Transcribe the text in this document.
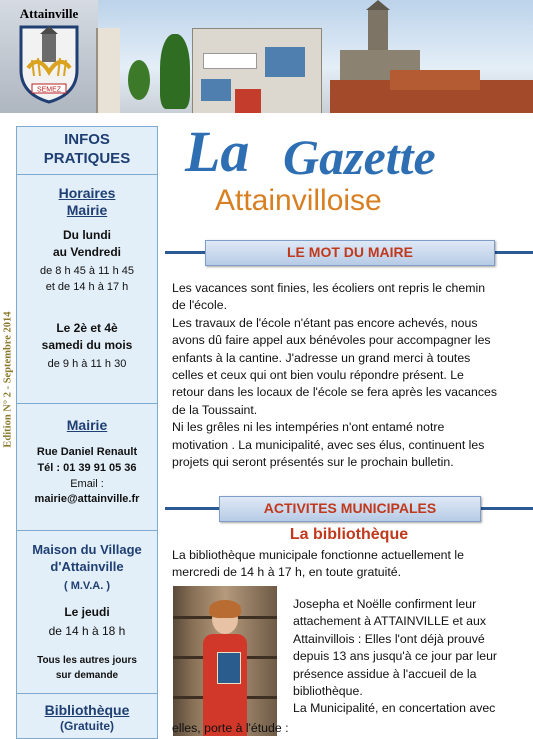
Attainville
SEMEZ
Edition N° 2 - Septembre 2014
INFOS
PRATIQUES
Horaires
Mairie
Du lundi
au Vendredi
de 8 h 45 à 11 h 45
et de 14 h à 17 h
Le 2è et 4è
samedi du mois
de 9 h à 11 h 30
Mairie
Rue Daniel Renault
Tél : 01 39 91 05 36
Email :
mairie@attainville.fr
Maison du Village
d'Attainville
( M.V.A. )
Le jeudi
de 14 h à 18 h
Tous les autres jours
sur demande
Bibliothèque
(Gratuite)
La Gazette
Attainvilloise
LE MOT DU MAIRE
Les vacances sont finies, les écoliers ont repris le chemin
de l'école.
Les travaux de l'école n'étant pas encore achevés, nous
avons dû faire appel aux bénévoles pour accompagner les
enfants à la cantine. J'adresse un grand merci à toutes
celles et ceux qui ont bien voulu répondre présent. Le
retour dans les locaux de l'école se fera après les vacances
de la Toussaint.
Ni les grêles ni les intempéries n'ont entamé notre
motivation . La municipalité, avec ses élus, continuent les
projets qui seront présentés sur le prochain bulletin.
ACTIVITES MUNICIPALES
La bibliothèque
La bibliothèque municipale fonctionne actuellement le
mercredi de 14 h à 17 h, en toute gratuité.
Josepha et Noëlle confirment leur
attachement à ATTAINVILLE et aux
Attainvillois : Elles l'ont déjà prouvé
depuis 13 ans jusqu'à ce jour par leur
présence assidue à l'accueil de la
bibliothèque.
La Municipalité, en concertation avec
elles, porte à l'étude :
